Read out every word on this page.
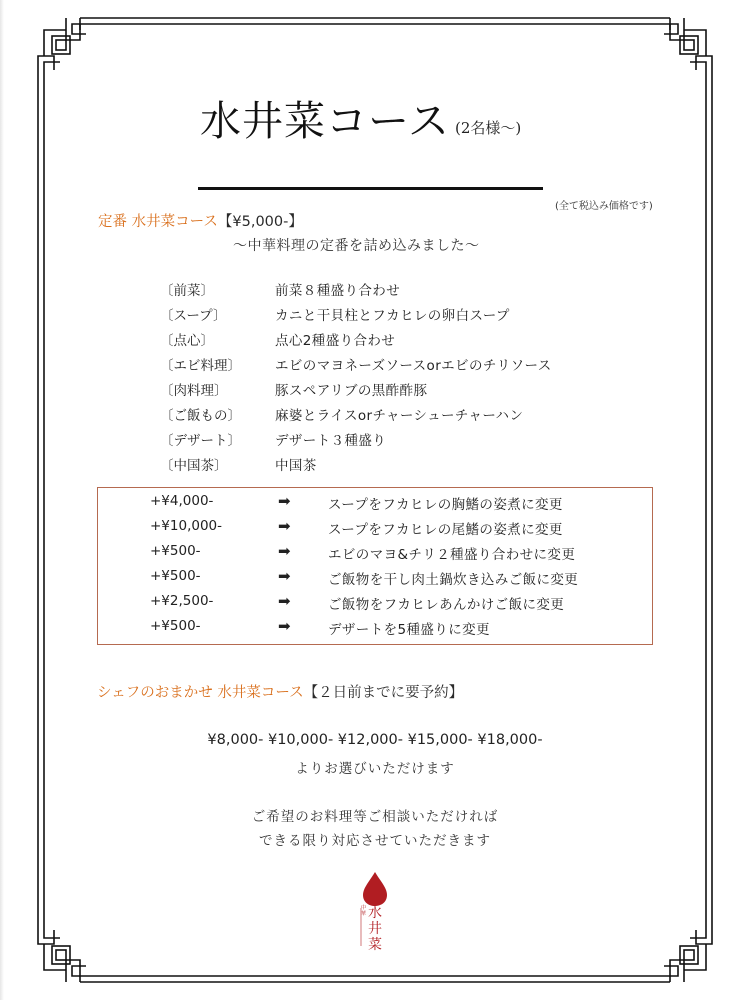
水井菜コース (2名様〜)
(全て税込み価格です)
定番 水井菜コース【¥5,000-】
〜中華料理の定番を詰め込みました〜
〔前菜〕	前菜８種盛り合わせ
〔スープ〕	カニと干貝柱とフカヒレの卵白スープ
〔点心〕	点心2種盛り合わせ
〔エビ料理〕	エビのマヨネーズソースorエビのチリソース
〔肉料理〕	豚スペアリブの黒酢酢豚
〔ご飯もの〕	麻婆とライスorチャーシューチャーハン
〔デザート〕	デザート３種盛り
〔中国茶〕	中国茶
+¥4,000-	➡	スープをフカヒレの胸鰭の姿煮に変更
+¥10,000-	➡	スープをフカヒレの尾鰭の姿煮に変更
+¥500-	➡	エビのマヨ&チリ２種盛り合わせに変更
+¥500-	➡	ご飯物を干し肉土鍋炊き込みご飯に変更
+¥2,500-	➡	ご飯物をフカヒレあんかけご飯に変更
+¥500-	➡	デザートを5種盛りに変更
シェフのおまかせ 水井菜コース【２日前までに要予約】
¥8,000- ¥10,000- ¥12,000- ¥15,000- ¥18,000-
よりお選びいただけます
ご希望のお料理等ご相談いただければ
できる限り対応させていただきます
中華 水井菜
